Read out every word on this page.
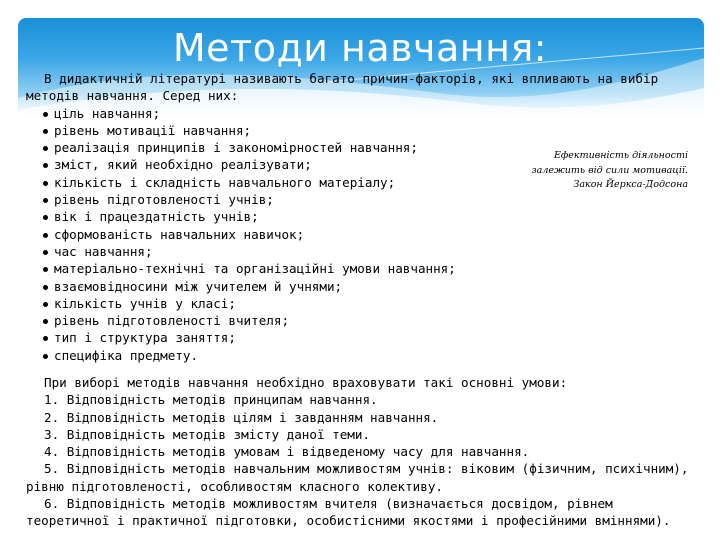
Методи навчання:
В дидактичній літературі називають багато причин-факторів, які впливають на вибір
методів навчання. Серед них:
ціль навчання;
рівень мотивації навчання;
реалізація принципів і закономірностей навчання;
зміст, який необхідно реалізувати;
кількість і складність навчального матеріалу;
рівень підготовленості учнів;
вік і працездатність учнів;
сформованість навчальних навичок;
час навчання;
матеріально-технічні та організаційні умови навчання;
взаємовідносини між учителем й учнями;
кількість учнів у класі;
рівень підготовленості вчителя;
тип і структура заняття;
специфіка предмету.
Ефективність діяльності
залежить від сили мотивації.
Закон Йеркса-Додсона
При виборі методів навчання необхідно враховувати такі основні умови:
1. Відповідність методів принципам навчання.
2. Відповідність методів цілям і завданням навчання.
3. Відповідність методів змісту даної теми.
4. Відповідність методів умовам і відведеному часу для навчання.
5. Відповідність методів навчальним можливостям учнів: віковим (фізичним, психічним),
рівню підготовленості, особливостям класного колективу.
6. Відповідність методів можливостям вчителя (визначається досвідом, рівнем
теоретичної і практичної підготовки, особистісними якостями і професійними вміннями).
